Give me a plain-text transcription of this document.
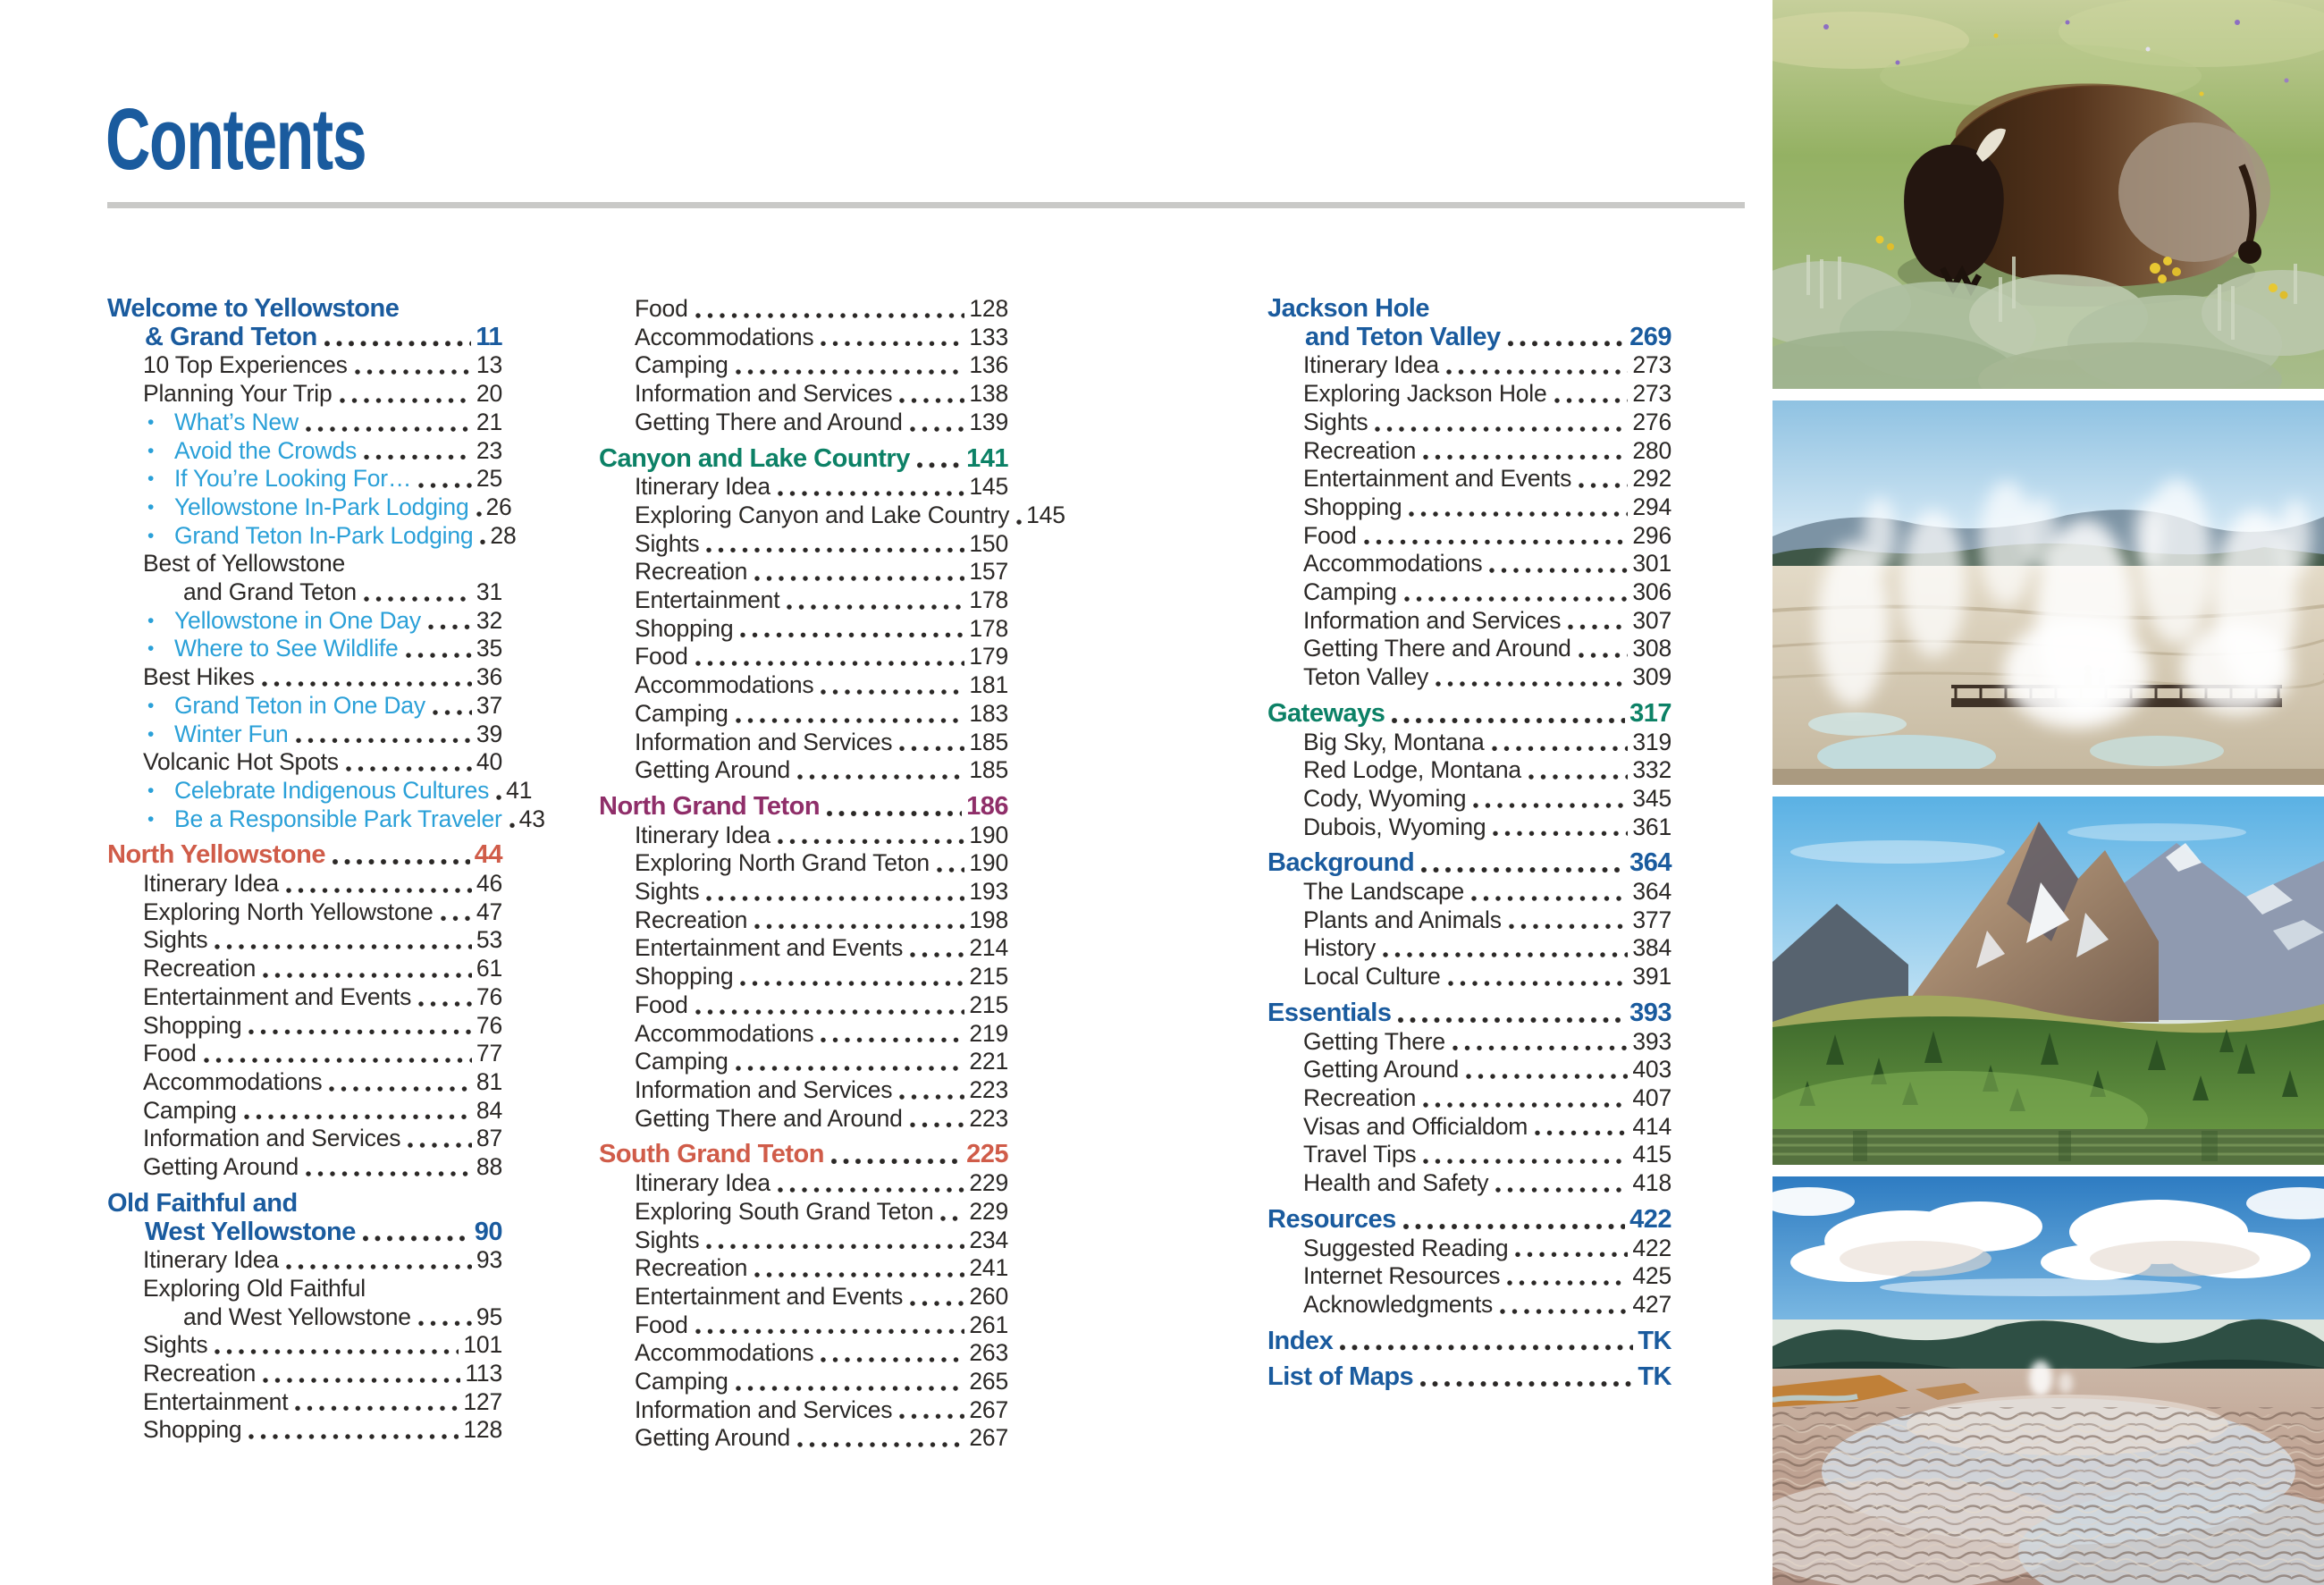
Contents
Welcome to Yellowstone
& Grand Teton	11
10 Top Experiences	13
Planning Your Trip	20
• What’s New	21
• Avoid the Crowds	23
• If You’re Looking For…	25
• Yellowstone In-Park Lodging 26
• Grand Teton In-Park Lodging 28
Best of Yellowstone
and Grand Teton	31
• Yellowstone in One Day 32
• Where to See Wildlife	35
Best Hikes	36
• Grand Teton in One Day 37
• Winter Fun	39
Volcanic Hot Spots	40
• Celebrate Indigenous Cultures 41
• Be a Responsible Park Traveler 43
North Yellowstone	44
Itinerary Idea	46
Exploring North Yellowstone 47
Sights	53
Recreation	61
Entertainment and Events	76
Shopping	76
Food	77
Accommodations	81
Camping	84
Information and Services	87
Getting Around	88
Old Faithful and
West Yellowstone	90
Itinerary Idea	93
Exploring Old Faithful
and West Yellowstone	95
Sights	101
Recreation	113
Entertainment	127
Shopping	128
Food	128
Accommodations	133
Camping	136
Information and Services	138
Getting There and Around	139
Canyon and Lake Country 141
Itinerary Idea	145
Exploring Canyon and Lake Country 145
Sights	150
Recreation	157
Entertainment	178
Shopping	178
Food	179
Accommodations	181
Camping	183
Information and Services	185
Getting Around	185
North Grand Teton	186
Itinerary Idea	190
Exploring North Grand Teton 190
Sights	193
Recreation	198
Entertainment and Events	214
Shopping	215
Food	215
Accommodations	219
Camping	221
Information and Services	223
Getting There and Around	223
South Grand Teton	225
Itinerary Idea	229
Exploring South Grand Teton 229
Sights	234
Recreation	241
Entertainment and Events	260
Food	261
Accommodations	263
Camping	265
Information and Services	267
Getting Around	267
Jackson Hole
and Teton Valley	269
Itinerary Idea	273
Exploring Jackson Hole	273
Sights	276
Recreation	280
Entertainment and Events	292
Shopping	294
Food	296
Accommodations	301
Camping	306
Information and Services	307
Getting There and Around	308
Teton Valley	309
Gateways	317
Big Sky, Montana	319
Red Lodge, Montana	332
Cody, Wyoming	345
Dubois, Wyoming	361
Background	364
The Landscape	364
Plants and Animals	377
History	384
Local Culture	391
Essentials	393
Getting There	393
Getting Around	403
Recreation	407
Visas and Officialdom	414
Travel Tips	415
Health and Safety	418
Resources	422
Suggested Reading	422
Internet Resources	425
Acknowledgments	427
Index	TK
List of Maps	TK
